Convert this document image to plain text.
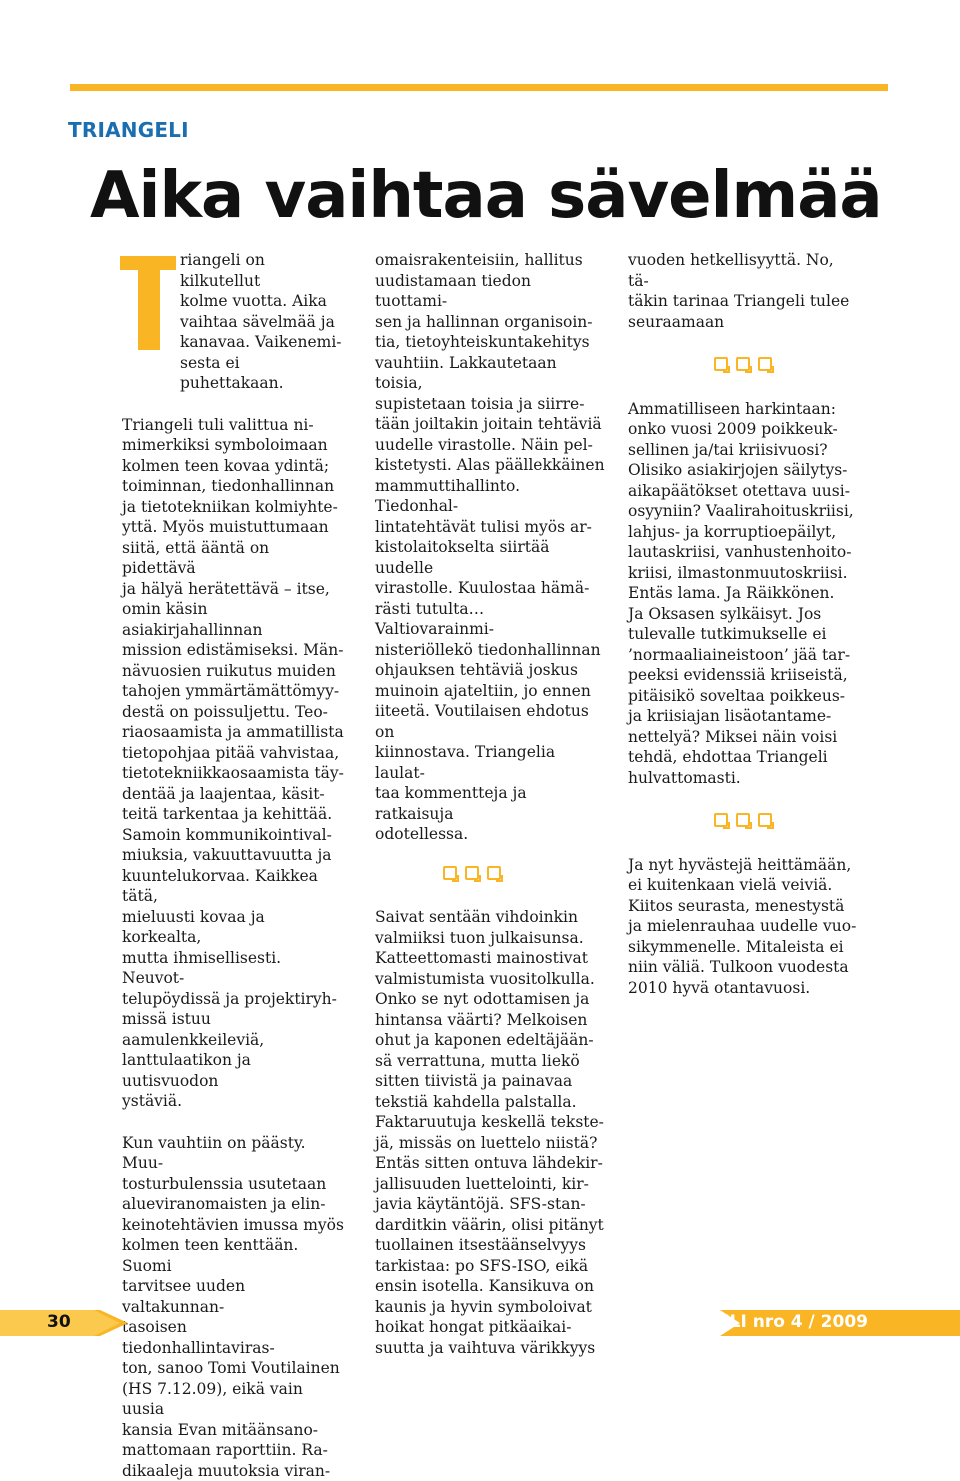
TRIANGELI
Aika vaihtaa sävelmää

riangeli on kilkutellut

kolme vuotta. Aika

vaihtaa sävelmää ja

kanavaa. Vaikenemi-

sesta ei puhettakaan.

Triangeli tuli valittua ni-

mimerkiksi symboloimaan

kolmen teen kovaa ydintä;

toiminnan, tiedonhallinnan

ja tietotekniikan kolmiyhte-

yttä. Myös muistuttumaan

siitä, että ääntä on pidettävä

ja hälyä herätettävä – itse,

omin käsin asiakirjahallinnan

mission edistämiseksi. Män-

nävuosien ruikutus muiden

tahojen ymmärtämättömyy-

destä on poissuljettu. Teo-

riaosaamista ja ammatillista

tietopohjaa pitää vahvistaa,

tietotekniikkaosaamista täy-

dentää ja laajentaa, käsit-

teitä tarkentaa ja kehittää.

Samoin kommunikointival-

miuksia, vakuuttavuutta ja

kuuntelukorvaa. Kaikkea tätä,

mieluusti kovaa ja korkealta,

mutta ihmisellisesti. Neuvot-

telupöydissä ja projektiryh-

missä istuu aamulenkkeileviä,

lanttulaatikon ja uutisvuodon

ystäviä.

Kun vauhtiin on päästy. Muu-

tosturbulenssia usutetaan

alueviranomaisten ja elin-

keinotehtävien imussa myös

kolmen teen kenttään. Suomi

tarvitsee uuden valtakunnan-

tasoisen tiedonhallintaviras-

ton, sanoo Tomi Voutilainen

(HS 7.12.09), eikä vain uusia

kansia Evan mitäänsano-

mattomaan raporttiin. Ra-

dikaaleja muutoksia viran-

omaisrakenteisiin, hallitus

uudistamaan tiedon tuottami-

sen ja hallinnan organisoin-

tia, tietoyhteiskuntakehitys

vauhtiin. Lakkautetaan toisia,

supistetaan toisia ja siirre-

tään joiltakin joitain tehtäviä

uudelle virastolle. Näin pel-

kistetysti. Alas päällekkäinen

mammuttihallinto. Tiedonhal-

lintatehtävät tulisi myös ar-

kistolaitokselta siirtää uudelle

virastolle. Kuulostaa hämä-

rästi tutulta… Valtiovarainmi-

nisteriöllekö tiedonhallinnan

ohjauksen tehtäviä joskus

muinoin ajateltiin, jo ennen

iiteetä. Voutilaisen ehdotus on

kiinnostava. Triangelia laulat-

taa kommentteja ja ratkaisuja

odotellessa.

Saivat sentään vihdoinkin

valmiiksi tuon julkaisunsa.

Katteettomasti mainostivat

valmistumista vuositolkulla.

Onko se nyt odottamisen ja

hintansa väärti? Melkoisen

ohut ja kaponen edeltäjään-

sä verrattuna, mutta liekö

sitten tiivistä ja painavaa

tekstiä kahdella palstalla.

Faktaruutuja keskellä tekste-

jä, missäs on luettelo niistä?

Entäs sitten ontuva lähdekir-

jallisuuden luettelointi, kir-

javia käytäntöjä. SFS-stan-

darditkin väärin, olisi pitänyt

tuollainen itsestäänselvyys

tarkistaa: po SFS-ISO, eikä

ensin isotella. Kansikuva on

kaunis ja hyvin symboloivat

hoikat hongat pitkäaikai-

suutta ja vaihtuva värikkyys

vuoden hetkellisyyttä. No, tä-

täkin tarinaa Triangeli tulee

seuraamaan

Ammatilliseen harkintaan:

onko vuosi 2009 poikkeuk-

sellinen ja/tai kriisivuosi?

Olisiko asiakirjojen säilytys-

aikapäätökset otettava uusi-

osyyniin? Vaalirahoituskriisi,

lahjus- ja korruptioepäilyt,

lautaskriisi, vanhustenhoito-

kriisi, ilmastonmuutoskriisi.

Entäs lama. Ja Räikkönen.

Ja Oksasen sylkäisyt. Jos

tulevalle tutkimukselle ei

’normaaliaineistoon’ jää tar-

peeksi evidenssiä kriiseistä,

pitäisikö soveltaa poikkeus-

ja kriisiajan lisäotantame-

nettelyä? Miksei näin voisi

tehdä, ehdottaa Triangeli

hulvattomasti.

Ja nyt hyvästejä heittämään,

ei kuitenkaan vielä veiviä.

Kiitos seurasta, menestystä

ja mielenrauhaa uudelle vuo-

sikymmenelle. Mitaleista ei

niin väliä. Tulkoon vuodesta

2010 hyvä otantavuosi.

30	FAILI nro 4 / 2009
